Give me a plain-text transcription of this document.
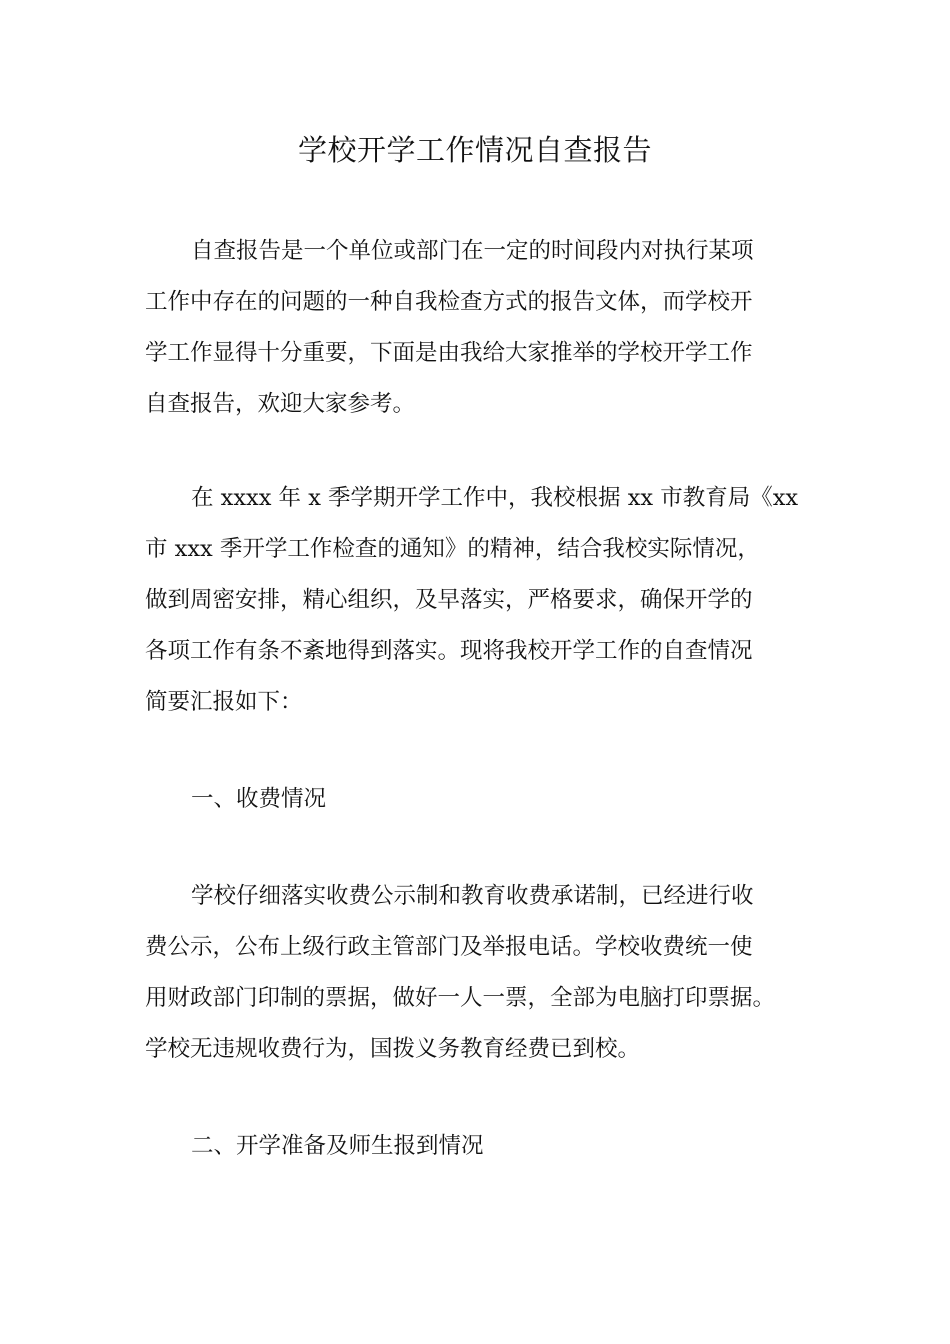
学校开学工作情况自查报告

自查报告是一个单位或部门在一定的时间段内对执行某项
工作中存在的问题的一种自我检查方式的报告文体，而学校开
学工作显得十分重要，下面是由我给大家推举的学校开学工作
自查报告，欢迎大家参考。

在 xxxx 年 x 季学期开学工作中，我校根据 xx 市教育局《xx
市 xxx 季开学工作检查的通知》的精神，结合我校实际情况，
做到周密安排，精心组织，及早落实，严格要求，确保开学的
各项工作有条不紊地得到落实。现将我校开学工作的自查情况
简要汇报如下：

一、收费情况

学校仔细落实收费公示制和教育收费承诺制，已经进行收
费公示，公布上级行政主管部门及举报电话。学校收费统一使
用财政部门印制的票据，做好一人一票，全部为电脑打印票据。
学校无违规收费行为，国拨义务教育经费已到校。

二、开学准备及师生报到情况
